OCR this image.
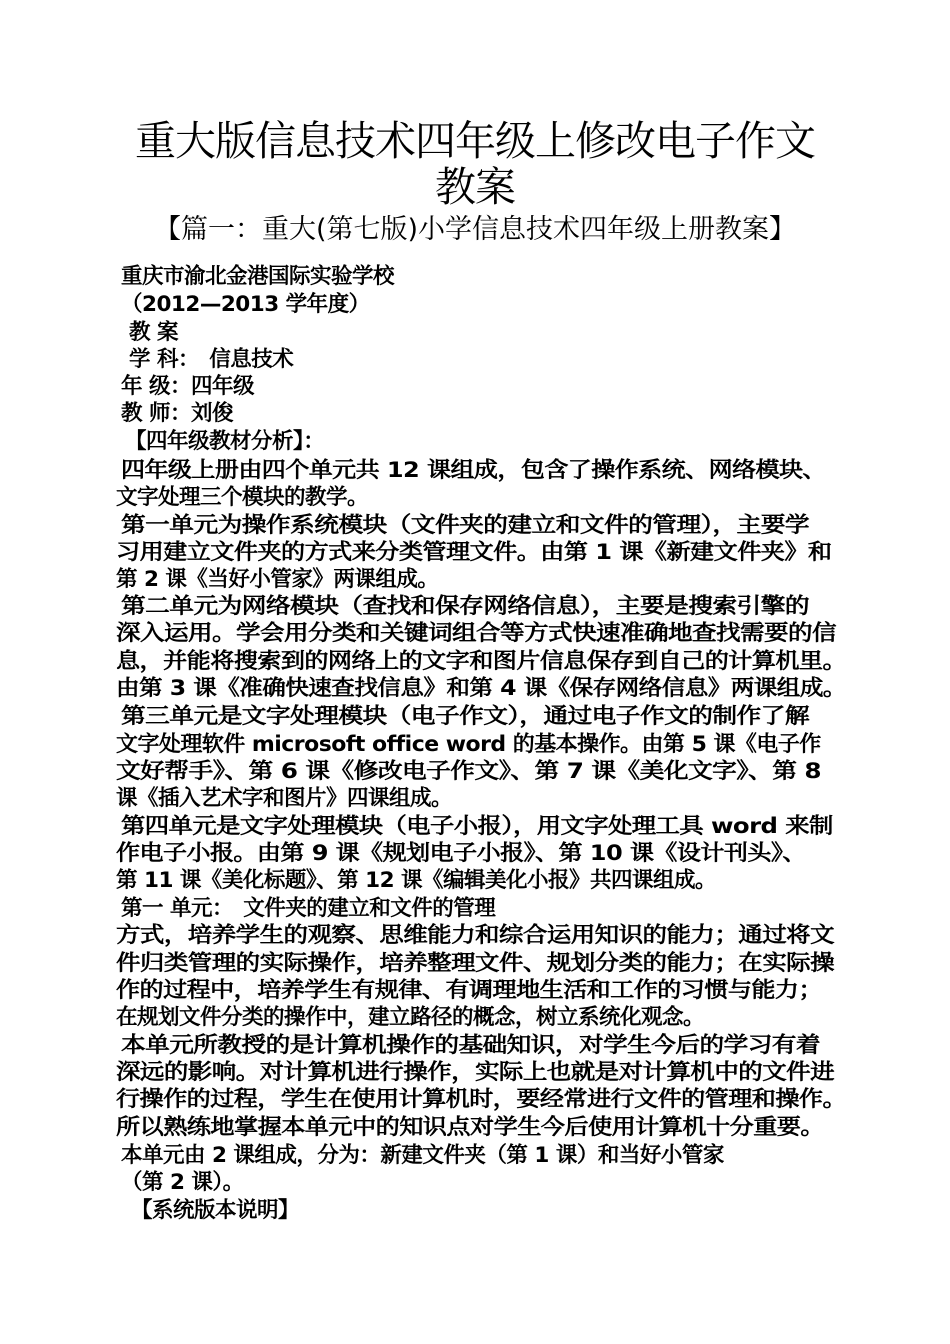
重大版信息技术四年级上修改电子作文
教案
【篇一：重大(第七版)小学信息技术四年级上册教案】
重庆市渝北金港国际实验学校
（2012—2013 学年度）
教 案
学 科：　信息技术
年 级：四年级
教 师：刘俊
【四年级教材分析】：
四年级上册由四个单元共 12 课组成，包含了操作系统、网络模块、
文字处理三个模块的教学。
第一单元为操作系统模块（文件夹的建立和文件的管理），主要学
习用建立文件夹的方式来分类管理文件。由第 1 课《新建文件夹》和
第 2 课《当好小管家》两课组成。
第二单元为网络模块（查找和保存网络信息），主要是搜索引擎的
深入运用。学会用分类和关键词组合等方式快速准确地查找需要的信
息，并能将搜索到的网络上的文字和图片信息保存到自己的计算机里。
由第 3 课《准确快速查找信息》和第 4 课《保存网络信息》两课组成。
第三单元是文字处理模块（电子作文），通过电子作文的制作了解
文字处理软件 microsoft office word 的基本操作。由第 5 课《电子作
文好帮手》、第 6 课《修改电子作文》、第 7 课《美化文字》、第 8
课《插入艺术字和图片》四课组成。
第四单元是文字处理模块（电子小报），用文字处理工具 word 来制
作电子小报。由第 9 课《规划电子小报》、第 10 课《设计刊头》、
第 11 课《美化标题》、第 12 课《编辑美化小报》共四课组成。
第一 单元：　文件夹的建立和文件的管理
方式，培养学生的观察、思维能力和综合运用知识的能力；通过将文
件归类管理的实际操作，培养整理文件、规划分类的能力；在实际操
作的过程中，培养学生有规律、有调理地生活和工作的习惯与能力；
在规划文件分类的操作中，建立路径的概念，树立系统化观念。
本单元所教授的是计算机操作的基础知识，对学生今后的学习有着
深远的影响。对计算机进行操作，实际上也就是对计算机中的文件进
行操作的过程，学生在使用计算机时，要经常进行文件的管理和操作。
所以熟练地掌握本单元中的知识点对学生今后使用计算机十分重要。
本单元由 2 课组成，分为：新建文件夹（第 1 课）和当好小管家
（第 2 课）。
【系统版本说明】
